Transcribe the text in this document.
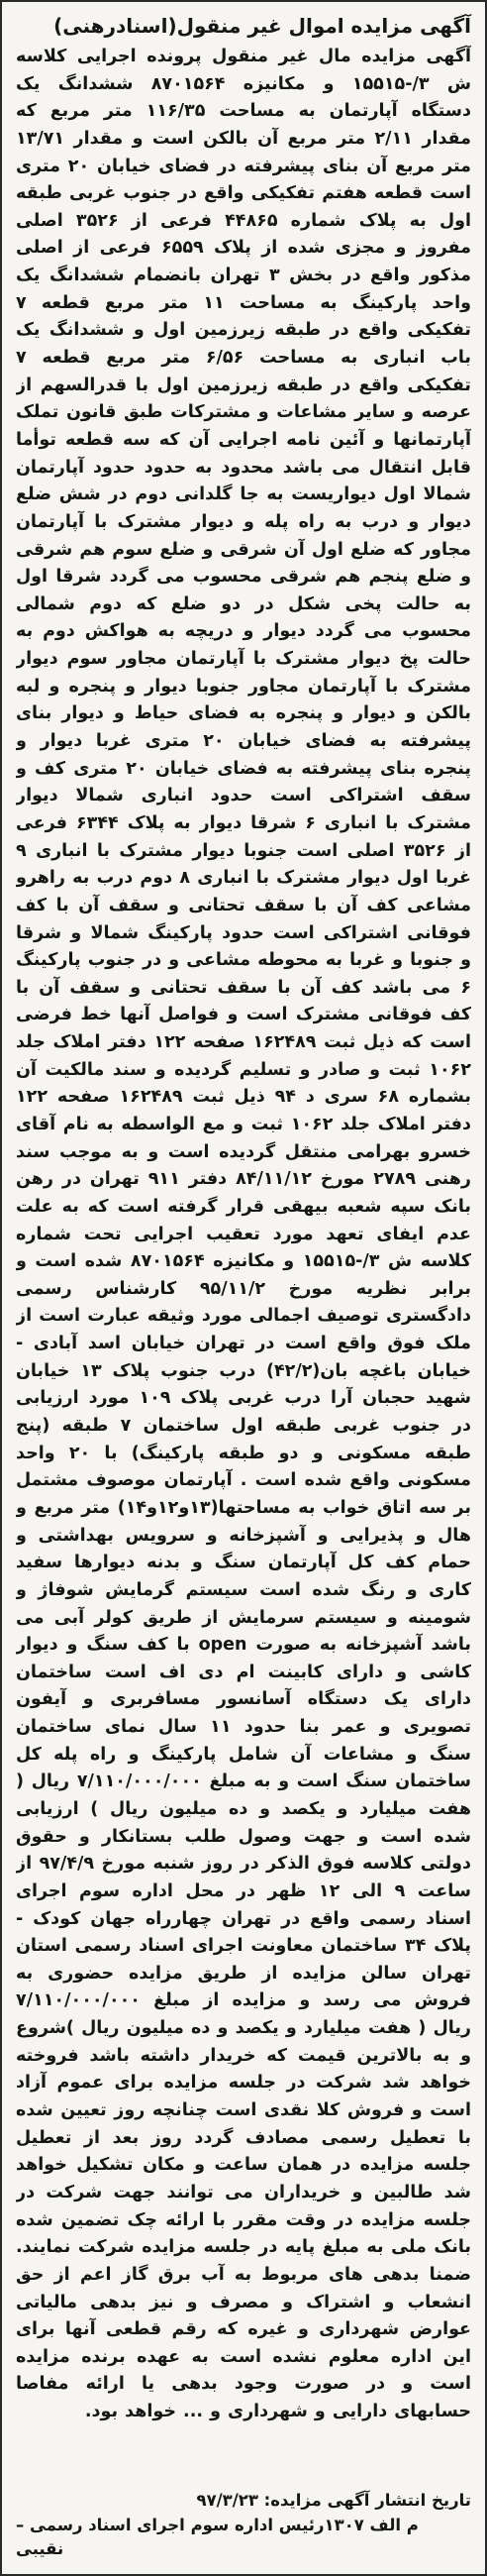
آگهی مزایده اموال غیر منقول(اسنادرهنی)

آگهی مزایده مال غیر منقول پرونده اجرایی کلاسه ش ۳/-۱۵۵۱۵ و مکانیزه ۸۷۰۱۵۶۴ ششدانگ یک دستگاه آپارتمان به مساحت ۱۱۶/۳۵ متر مربع که مقدار ۲/۱۱ متر مربع آن بالکن است و مقدار ۱۳/۷۱ متر مربع آن بنای پیشرفته در فضای خیابان ۲۰ متری است قطعه هفتم تفکیکی واقع در جنوب غربی طبقه اول به پلاک شماره ۴۴۸۶۵ فرعی از ۳۵۲۶ اصلی مفروز و مجزی شده از پلاک ۶۵۵۹ فرعی از اصلی مذکور واقع در بخش ۳ تهران بانضمام ششدانگ یک واحد پارکینگ به مساحت ۱۱ متر مربع قطعه ۷ تفکیکی واقع در طبقه زیرزمین اول و ششدانگ یک باب انباری به مساحت ۶/۵۶ متر مربع قطعه ۷ تفکیکی واقع در طبقه زیرزمین اول با قدرالسهم از عرصه و سایر مشاعات و مشترکات طبق قانون تملک آپارتمانها و آئین نامه اجرایی آن که سه قطعه توأما قابل انتقال می باشد محدود به حدود حدود آپارتمان شمالا اول دیواریست به جا گلدانی دوم در شش ضلع دیوار و درب به راه پله و دیوار مشترک با آپارتمان مجاور که ضلع اول آن شرقی و ضلع سوم هم شرقی و ضلع پنجم هم شرقی محسوب می گردد شرقا اول به حالت پخی شکل در دو ضلع که دوم شمالی محسوب می گردد دیوار و دریچه به هواکش دوم به حالت پخ دیوار مشترک با آپارتمان مجاور سوم دیوار مشترک با آپارتمان مجاور جنوبا دیوار و پنجره و لبه بالکن و دیوار و پنجره به فضای حیاط و دیوار بنای پیشرفته به فضای خیابان ۲۰ متری غربا دیوار و پنجره بنای پیشرفته به فضای خیابان ۲۰ متری کف و سقف اشتراکی است حدود انباری شمالا دیوار مشترک با انباری ۶ شرقا دیوار به پلاک ۶۳۴۴ فرعی از ۳۵۲۶ اصلی است جنوبا دیوار مشترک با انباری ۹ غربا اول دیوار مشترک با انباری ۸ دوم درب به راهرو مشاعی کف آن با سقف تحتانی و سقف آن با کف فوقانی اشتراکی است حدود پارکینگ شمالا و شرقا و جنوبا و غربا به محوطه مشاعی و در جنوب پارکینگ ۶ می باشد کف آن با سقف تحتانی و سقف آن با کف فوقانی مشترک است و فواصل آنها خط فرضی است که ذیل ثبت ۱۶۲۴۸۹ صفحه ۱۲۲ دفتر املاک جلد ۱۰۶۲ ثبت و صادر و تسلیم گردیده و سند مالکیت آن بشماره ۶۸ سری د ۹۴ ذیل ثبت ۱۶۲۴۸۹ صفحه ۱۲۲ دفتر املاک جلد ۱۰۶۲ ثبت و مع الواسطه به نام آقای خسرو بهرامی منتقل گردیده است و به موجب سند رهنی ۲۷۸۹ مورخ ۸۴/۱۱/۱۲ دفتر ۹۱۱ تهران در رهن بانک سپه شعبه بیهقی قرار گرفته است که به علت عدم ایفای تعهد مورد تعقیب اجرایی تحت شماره کلاسه ش ۳/-۱۵۵۱۵ و مکانیزه ۸۷۰۱۵۶۴ شده است و برابر نظریه مورخ ۹۵/۱۱/۲ کارشناس رسمی دادگستری توصیف اجمالی مورد وثیقه عبارت است از ملک فوق واقع است در تهران خیابان اسد آبادی - خیابان باغچه بان(۴۲/۲) درب جنوب پلاک ۱۳ خیابان شهید حجبان آرا درب غربی پلاک ۱۰۹ مورد ارزیابی در جنوب غربی طبقه اول ساختمان ۷ طبقه (پنج طبقه مسکونی و دو طبقه پارکینگ) با ۲۰ واحد مسکونی واقع شده است . آپارتمان موصوف مشتمل بر سه اتاق خواب به مساحتها(۱۳و۱۲و۱۴) متر مربع و هال و پذیرایی و آشپزخانه و سرویس بهداشتی و حمام کف کل آپارتمان سنگ و بدنه دیوارها سفید کاری و رنگ شده است سیستم گرمایش شوفاژ و شومینه و سیستم سرمایش از طریق کولر آبی می باشد آشپزخانه به صورت open با کف سنگ و دیوار کاشی و دارای کابینت ام دی اف است ساختمان دارای یک دستگاه آسانسور مسافربری و آیفون تصویری و عمر بنا حدود ۱۱ سال نمای ساختمان سنگ و مشاعات آن شامل پارکینگ و راه پله کل ساختمان سنگ است و به مبلغ ۷/۱۱۰/۰۰۰/۰۰۰ ریال ( هفت میلیارد و یکصد و ده میلیون ریال ) ارزیابی شده است و جهت وصول طلب بستانکار و حقوق دولتی کلاسه فوق الذکر در روز شنبه مورخ ۹۷/۴/۹ از ساعت ۹ الی ۱۲ ظهر در محل اداره سوم اجرای اسناد رسمی واقع در تهران چهارراه جهان کودک - پلاک ۳۴ ساختمان معاونت اجرای اسناد رسمی استان تهران سالن مزایده از طریق مزایده حضوری به فروش می رسد و مزایده از مبلغ ۷/۱۱۰/۰۰۰/۰۰۰ ریال ( هفت میلیارد و یکصد و ده میلیون ریال )شروع و به بالاترین قیمت که خریدار داشته باشد فروخته خواهد شد شرکت در جلسه مزایده برای عموم آزاد است و فروش کلا نقدی است چنانچه روز تعیین شده با تعطیل رسمی مصادف گردد روز بعد از تعطیل جلسه مزایده در همان ساعت و مکان تشکیل خواهد شد طالبین و خریداران می توانند جهت شرکت در جلسه مزایده در وقت مقرر با ارائه چک تضمین شده بانک ملی به مبلغ پایه در جلسه مزایده شرکت نمایند. ضمنا بدهی های مربوط به آب برق گاز اعم از حق انشعاب و اشتراک و مصرف و نیز بدهی مالیاتی عوارض شهرداری و غیره که رقم قطعی آنها برای این اداره معلوم نشده است به عهده برنده مزایده است و در صورت وجود بدهی یا ارائه مفاصا حسابهای دارایی و شهرداری و ... خواهد بود.

تاریخ انتشار آگهی مزایده: ۹۷/۳/۲۳
م الف ۱۳۰۷رئیس اداره سوم اجرای اسناد رسمی – نقیبی
